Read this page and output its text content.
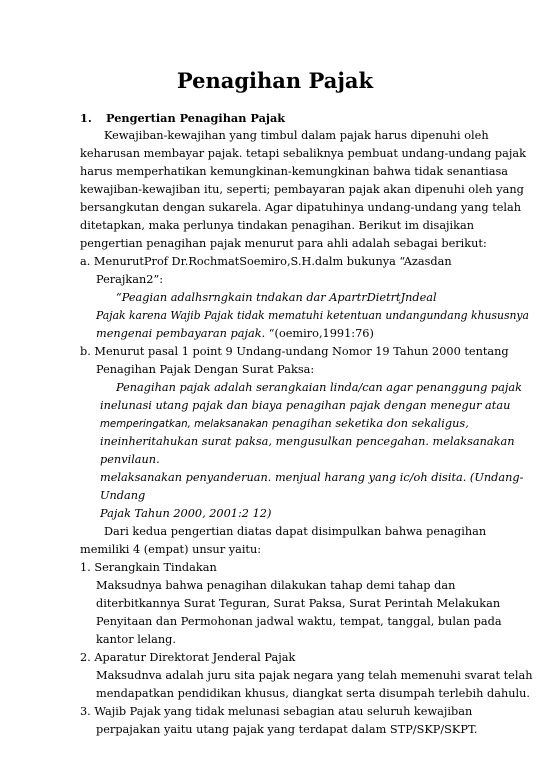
Penagihan Pajak
1. Pengertian Penagihan Pajak
Kewajiban-kewajihan yang timbul dalam pajak harus dipenuhi oleh
keharusan membayar pajak. tetapi sebaliknya pembuat undang-undang pajak
harus memperhatikan kemungkinan-kemungkinan bahwa tidak senantiasa
kewajiban-kewajiban itu, seperti; pembayaran pajak akan dipenuhi oleh yang
bersangkutan dengan sukarela. Agar dipatuhinya undang-undang yang telah
ditetapkan, maka perlunya tindakan penagihan. Berikut im disajikan
pengertian penagihan pajak menurut para ahli adalah sebagai berikut:
a. MenurutProf Dr.RochmatSoemiro,S.H.dalm bukunya “Azasdan
Perajkan2”:
“Peagian adalhsrngkain tndakan dar ApartrDietrtJndeal
Pajak karena Wajib Pajak tidak mematuhi ketentuan undangundang khususnya
mengenai pembayaran pajak. “(oemiro,1991:76)
b. Menurut pasal 1 point 9 Undang-undang Nomor 19 Tahun 2000 tentang
Penagihan Pajak Dengan Surat Paksa:
Penagihan pajak adalah serangkaian linda/can agar penanggung pajak
inelunasi utang pajak dan biaya penagihan pajak dengan menegur atau
memperingatkan, melaksanakan penagihan seketika don sekaligus,
ineinheritahukan surat paksa, mengusulkan pencegahan. melaksanakan
penvilaun.
melaksanakan penyanderuan. menjual harang yang ic/oh disita. (Undang-
Undang
Pajak Tahun 2000, 2001:2 12)
Dari kedua pengertian diatas dapat disimpulkan bahwa penagihan
memiliki 4 (empat) unsur yaitu:
1. Serangkain Tindakan
Maksudnya bahwa penagihan dilakukan tahap demi tahap dan
diterbitkannya Surat Teguran, Surat Paksa, Surat Perintah Melakukan
Penyitaan dan Permohonan jadwal waktu, tempat, tanggal, bulan pada
kantor lelang.
2. Aparatur Direktorat Jenderal Pajak
Maksudnva adalah juru sita pajak negara yang telah memenuhi svarat telah
mendapatkan pendidikan khusus, diangkat serta disumpah terlebih dahulu.
3. Wajib Pajak yang tidak melunasi sebagian atau seluruh kewajiban
perpajakan yaitu utang pajak yang terdapat dalam STP/SKP/SKPT.
